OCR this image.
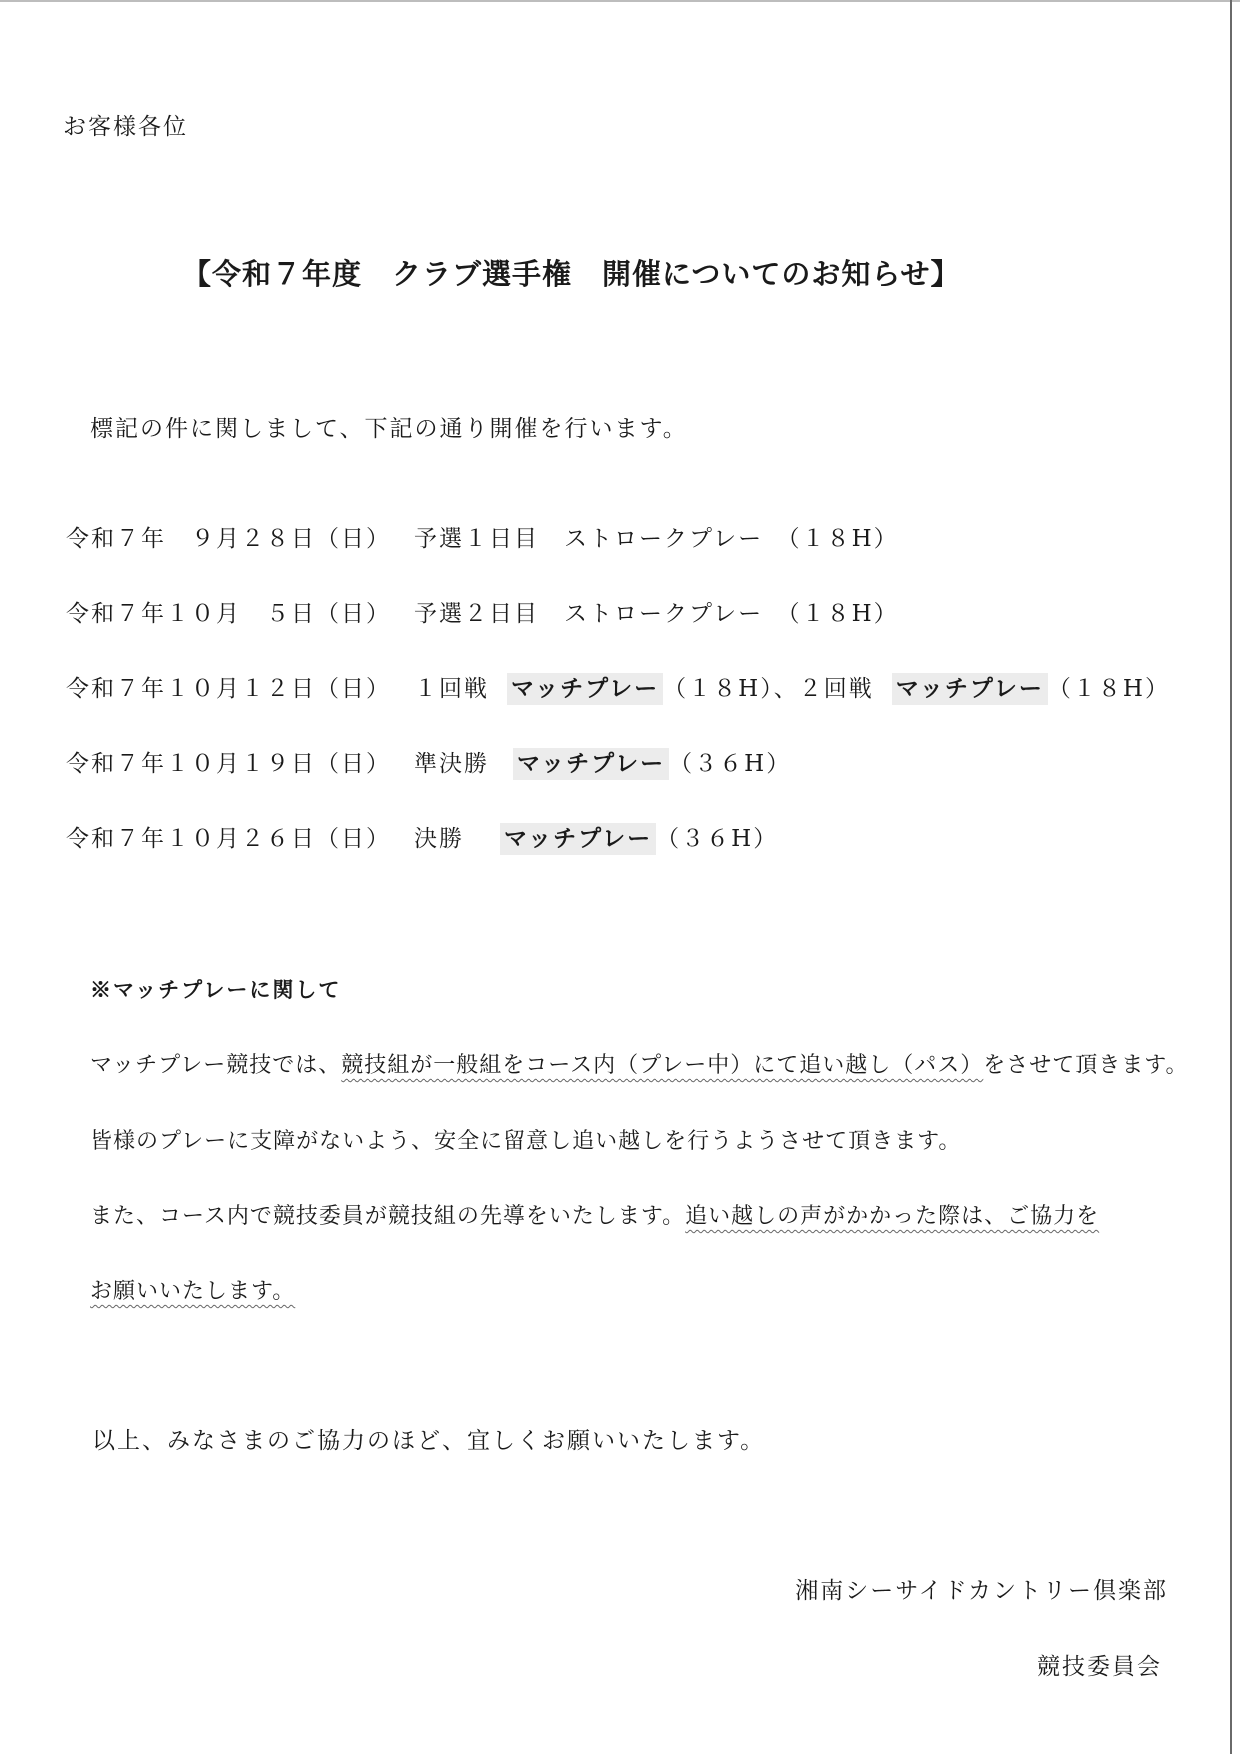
お客様各位
【令和７年度　クラブ選手権　開催についてのお知らせ】
標記の件に関しまして、下記の通り開催を行います。
令和７年　９月２８日（日） 予選１日目　ストロークプレー　（１８H）
令和７年１０月　５日（日） 予選２日目　ストロークプレー　（１８H）
令和７年１０月１２日（日） １回戦 マッチプレー （１８H）、２回戦 マッチプレー （１８H）
令和７年１０月１９日（日） 準決勝 マッチプレー （３６H）
令和７年１０月２６日（日） 決勝 マッチプレー （３６H）
※マッチプレーに関して
マッチプレー競技では、競技組が一般組をコース内（プレー中）にて追い越し（パス）をさせて頂きます。
皆様のプレーに支障がないよう、安全に留意し追い越しを行うようさせて頂きます。
また、コース内で競技委員が競技組の先導をいたします。追い越しの声がかかった際は、ご協力を
お願いいたします。
以上、みなさまのご協力のほど、宜しくお願いいたします。
湘南シーサイドカントリー倶楽部
競技委員会
